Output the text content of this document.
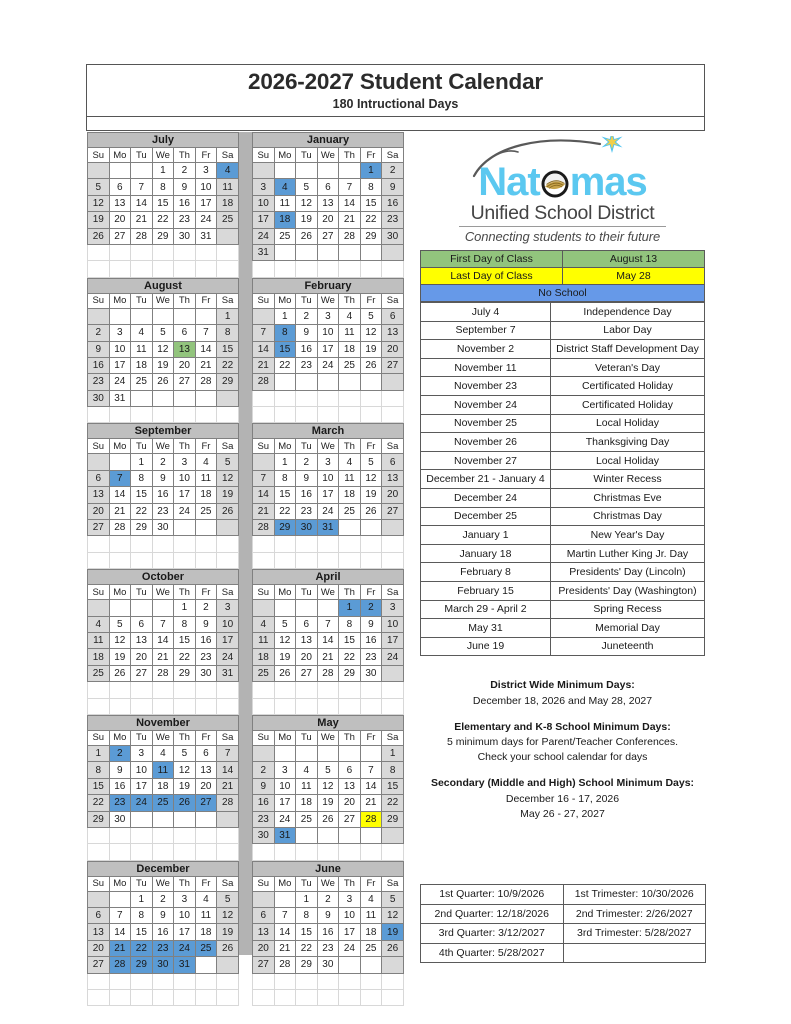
2026-2027 Student Calendar
180 Intructional Days
July						
Su	Mo	Tu	We	Th	Fr	Sa
			1	2	3	4
5	6	7	8	9	10	11
12	13	14	15	16	17	18
19	20	21	22	23	24	25
26	27	28	29	30	31	

August						
Su	Mo	Tu	We	Th	Fr	Sa
						1
2	3	4	5	6	7	8
9	10	11	12	13	14	15
16	17	18	19	20	21	22
23	24	25	26	27	28	29
30	31					

September						
Su	Mo	Tu	We	Th	Fr	Sa
		1	2	3	4	5
6	7	8	9	10	11	12
13	14	15	16	17	18	19
20	21	22	23	24	25	26
27	28	29	30			

October						
Su	Mo	Tu	We	Th	Fr	Sa
				1	2	3
4	5	6	7	8	9	10
11	12	13	14	15	16	17
18	19	20	21	22	23	24
25	26	27	28	29	30	31

November						
Su	Mo	Tu	We	Th	Fr	Sa
1	2	3	4	5	6	7
8	9	10	11	12	13	14
15	16	17	18	19	20	21
22	23	24	25	26	27	28
29	30					

December						
Su	Mo	Tu	We	Th	Fr	Sa
		1	2	3	4	5
6	7	8	9	10	11	12
13	14	15	16	17	18	19
20	21	22	23	24	25	26
27	28	29	30	31		

January						
Su	Mo	Tu	We	Th	Fr	Sa
					1	2
3	4	5	6	7	8	9
10	11	12	13	14	15	16
17	18	19	20	21	22	23
24	25	26	27	28	29	30
31						

February						
Su	Mo	Tu	We	Th	Fr	Sa
	1	2	3	4	5	6
7	8	9	10	11	12	13
14	15	16	17	18	19	20
21	22	23	24	25	26	27
28						

March						
Su	Mo	Tu	We	Th	Fr	Sa
	1	2	3	4	5	6
7	8	9	10	11	12	13
14	15	16	17	18	19	20
21	22	23	24	25	26	27
28	29	30	31			

April						
Su	Mo	Tu	We	Th	Fr	Sa
				1	2	3
4	5	6	7	8	9	10
11	12	13	14	15	16	17
18	19	20	21	22	23	24
25	26	27	28	29	30	

May						
Su	Mo	Tu	We	Th	Fr	Sa
						1
2	3	4	5	6	7	8
9	10	11	12	13	14	15
16	17	18	19	20	21	22
23	24	25	26	27	28	29
30	31					

June						
Su	Mo	Tu	We	Th	Fr	Sa
		1	2	3	4	5
6	7	8	9	10	11	12
13	14	15	16	17	18	19
20	21	22	23	24	25	26
27	28	29	30			

Nat mas
Unified School District
Connecting students to their future
First Day of Class	August 13
Last Day of Class	May 28
No School	
July 4	Independence Day
September 7	Labor Day
November 2	District Staff Development Day
November 11	Veteran's Day
November 23	Certificated Holiday
November 24	Certificated Holiday
November 25	Local Holiday
November 26	Thanksgiving Day
November 27	Local Holiday
December 21 - January 4	Winter Recess
December 24	Christmas Eve
December 25	Christmas Day
January 1	New Year's Day
January 18	Martin Luther King Jr. Day
February 8	Presidents' Day (Lincoln)
February 15	Presidents' Day (Washington)
March 29 - April 2	Spring Recess
May 31	Memorial Day
June 19	Juneteenth
District Wide Minimum Days:
December 18, 2026 and May 28, 2027
Elementary and K-8 School Minimum Days:
5 minimum days for Parent/Teacher Conferences.
Check your school calendar for days
Secondary (Middle and High) School Minimum Days:
December 16 - 17, 2026
May 26 - 27, 2027
1st Quarter: 10/9/2026	1st Trimester: 10/30/2026
2nd Quarter: 12/18/2026	2nd Trimester: 2/26/2027
3rd Quarter: 3/12/2027	3rd Trimester: 5/28/2027
4th Quarter: 5/28/2027	
